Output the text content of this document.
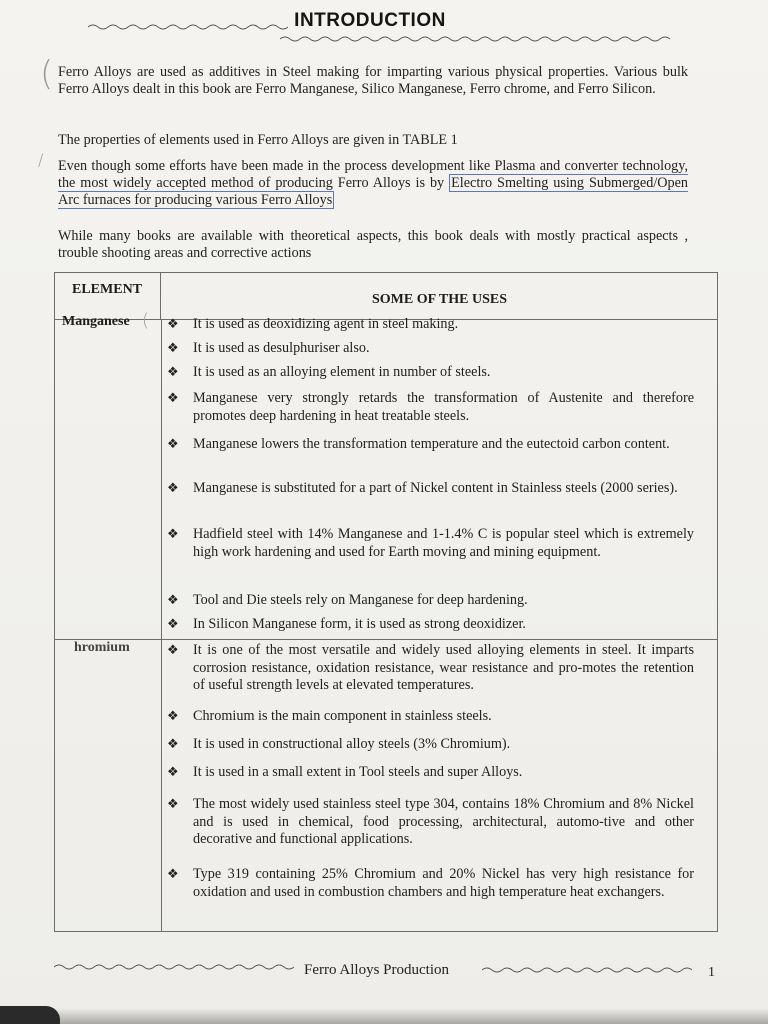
INTRODUCTION
(
/
Ferro Alloys are used as additives in Steel making for imparting various physical properties. Various bulk Ferro Alloys dealt in this book are Ferro Manganese, Silico Manganese, Ferro chrome, and Ferro Silicon.
The properties of elements used in Ferro Alloys are given in TABLE 1
Even though some efforts have been made in the process development like Plasma and converter technology, the most widely accepted method of producing Ferro Alloys is by Electro Smelting using Submerged/Open Arc furnaces for producing various Ferro Alloys
While many books are available with theoretical aspects, this book deals with mostly practical aspects , trouble shooting areas and corrective actions
ELEMENT
SOME OF THE USES
Manganese ( ❖ It is used as deoxidizing agent in steel making.
❖ It is used as desulphuriser also.
❖ It is used as an alloying element in number of steels.
❖ Manganese very strongly retards the transformation of Austenite and therefore promotes deep hardening in heat treatable steels.
❖ Manganese lowers the transformation temperature and the eutectoid carbon content.
❖ Manganese is substituted for a part of Nickel content in Stainless steels (2000 series).
❖ Hadfield steel with 14% Manganese and 1-1.4% C is popular steel which is extremely high work hardening and used for Earth moving and mining equipment.
❖ Tool and Die steels rely on Manganese for deep hardening.
❖ In Silicon Manganese form, it is used as strong deoxidizer.
hromium	❖ It is one of the most versatile and widely used alloying elements in steel. It imparts corrosion resistance, oxidation resistance, wear resistance and pro-motes the retention of useful strength levels at elevated temperatures.
❖ Chromium is the main component in stainless steels.
❖ It is used in constructional alloy steels (3% Chromium).
❖ It is used in a small extent in Tool steels and super Alloys.
❖ The most widely used stainless steel type 304, contains 18% Chromium and 8% Nickel and is used in chemical, food processing, architectural, automo-tive and other decorative and functional applications.
❖ Type 319 containing 25% Chromium and 20% Nickel has very high resistance for oxidation and used in combustion chambers and high temperature heat exchangers.
Ferro Alloys Production	1
